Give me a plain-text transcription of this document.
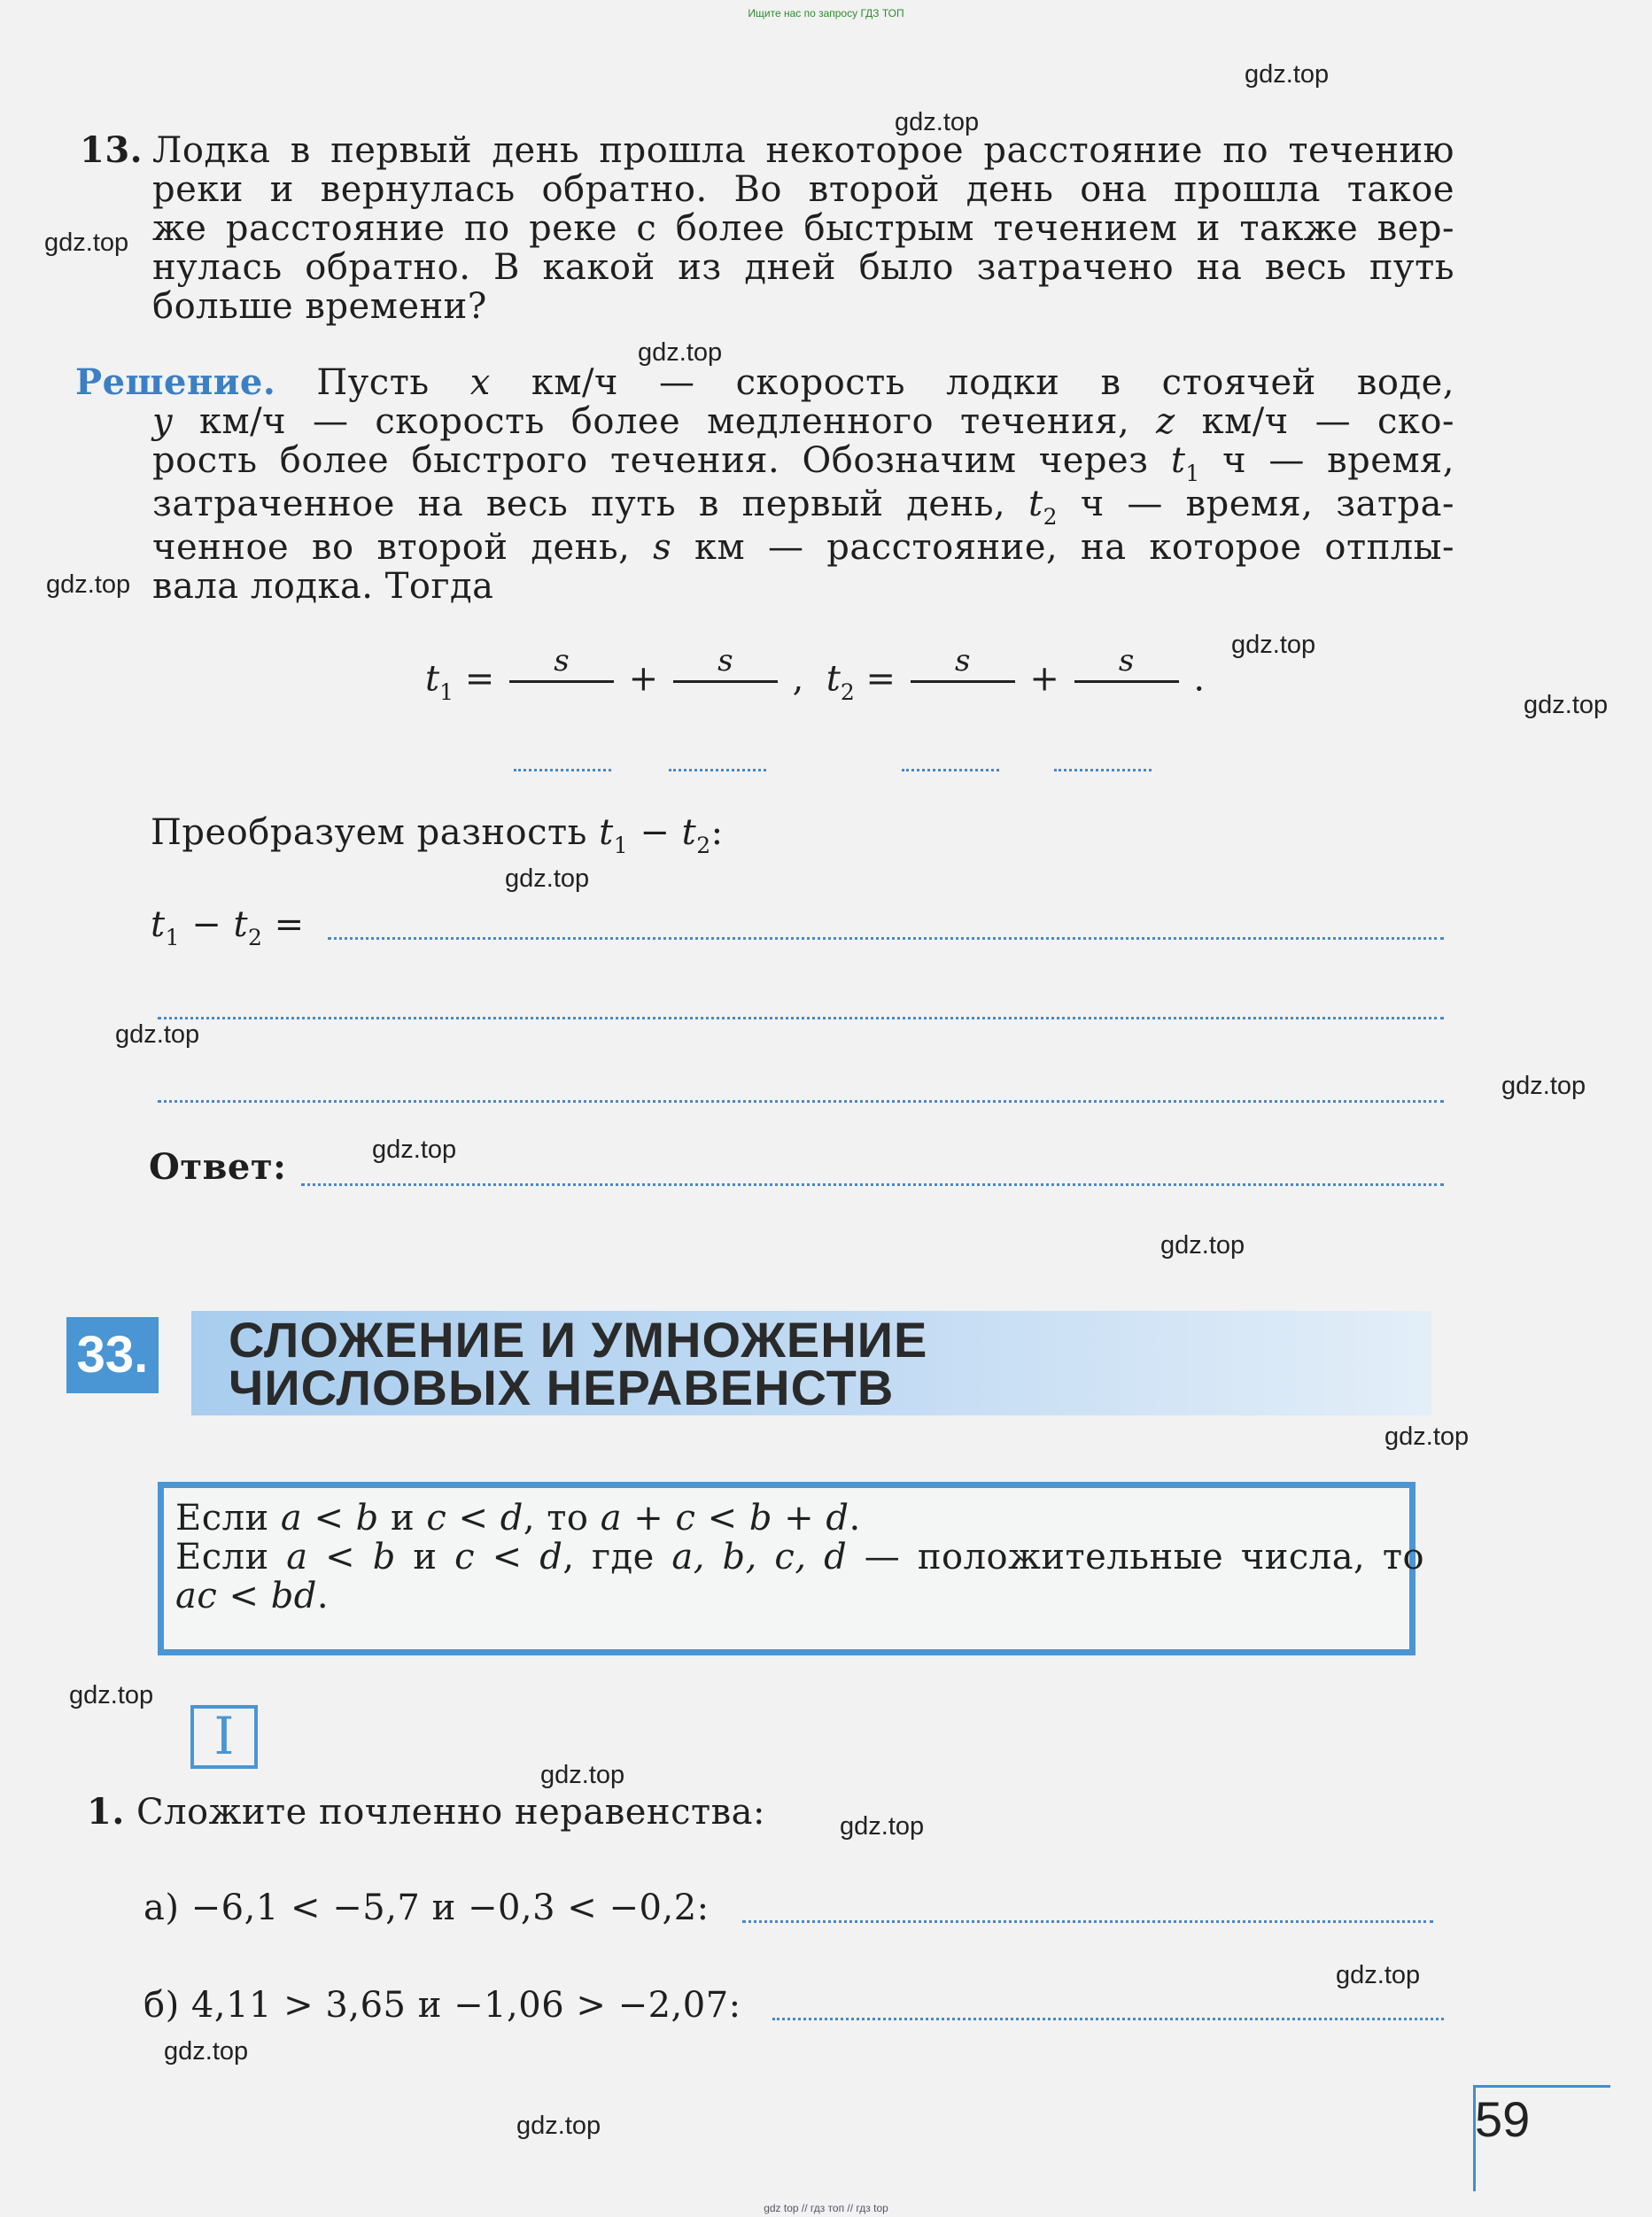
Ищите нас по запросу ГДЗ ТОП
gdz top // гдз топ // гдз top
gdz.top
gdz.top
gdz.top
gdz.top
gdz.top
gdz.top
gdz.top
gdz.top
gdz.top
gdz.top
gdz.top
gdz.top
gdz.top
gdz.top
gdz.top
gdz.top
gdz.top
gdz.top
gdz.top
13. Лодка в первый день прошла некоторое расстояние по течению
реки и вернулась обратно. Во второй день она прошла такое
же расстояние по реке с более быстрым течением и также вер-
нулась обратно. В какой из дней было затрачено на весь путь
больше времени?
Решение. Пусть x км/ч — скорость лодки в стоячей воде,
y км/ч — скорость более медленного течения, z км/ч — ско-
рость более быстрого течения. Обозначим через $t_1$ ч — время,
затраченное на весь путь в первый день, $t_2$ ч — время, затра-
ченное во второй день, s км — расстояние, на которое отплы-
вала лодка. Тогда
$t_1$ =	s
	+	s
	, $t_2$ =	s
	+	s
	.
Преобразуем разность $t_1 - t_2$:
$t_1 - t_2$ =
Ответ:
33. СЛОЖЕНИЕ И УМНОЖЕНИЕ
ЧИСЛОВЫХ НЕРАВЕНСТВ
Если a < b и c < d, то a + c < b + d.
Если a < b и c < d, где a, b, c, d — положительные числа, то
ac < bd.
I
1. Сложите почленно неравенства:
а) −6,1 < −5,7 и −0,3 < −0,2:
б) 4,11 > 3,65 и −1,06 > −2,07:
59
